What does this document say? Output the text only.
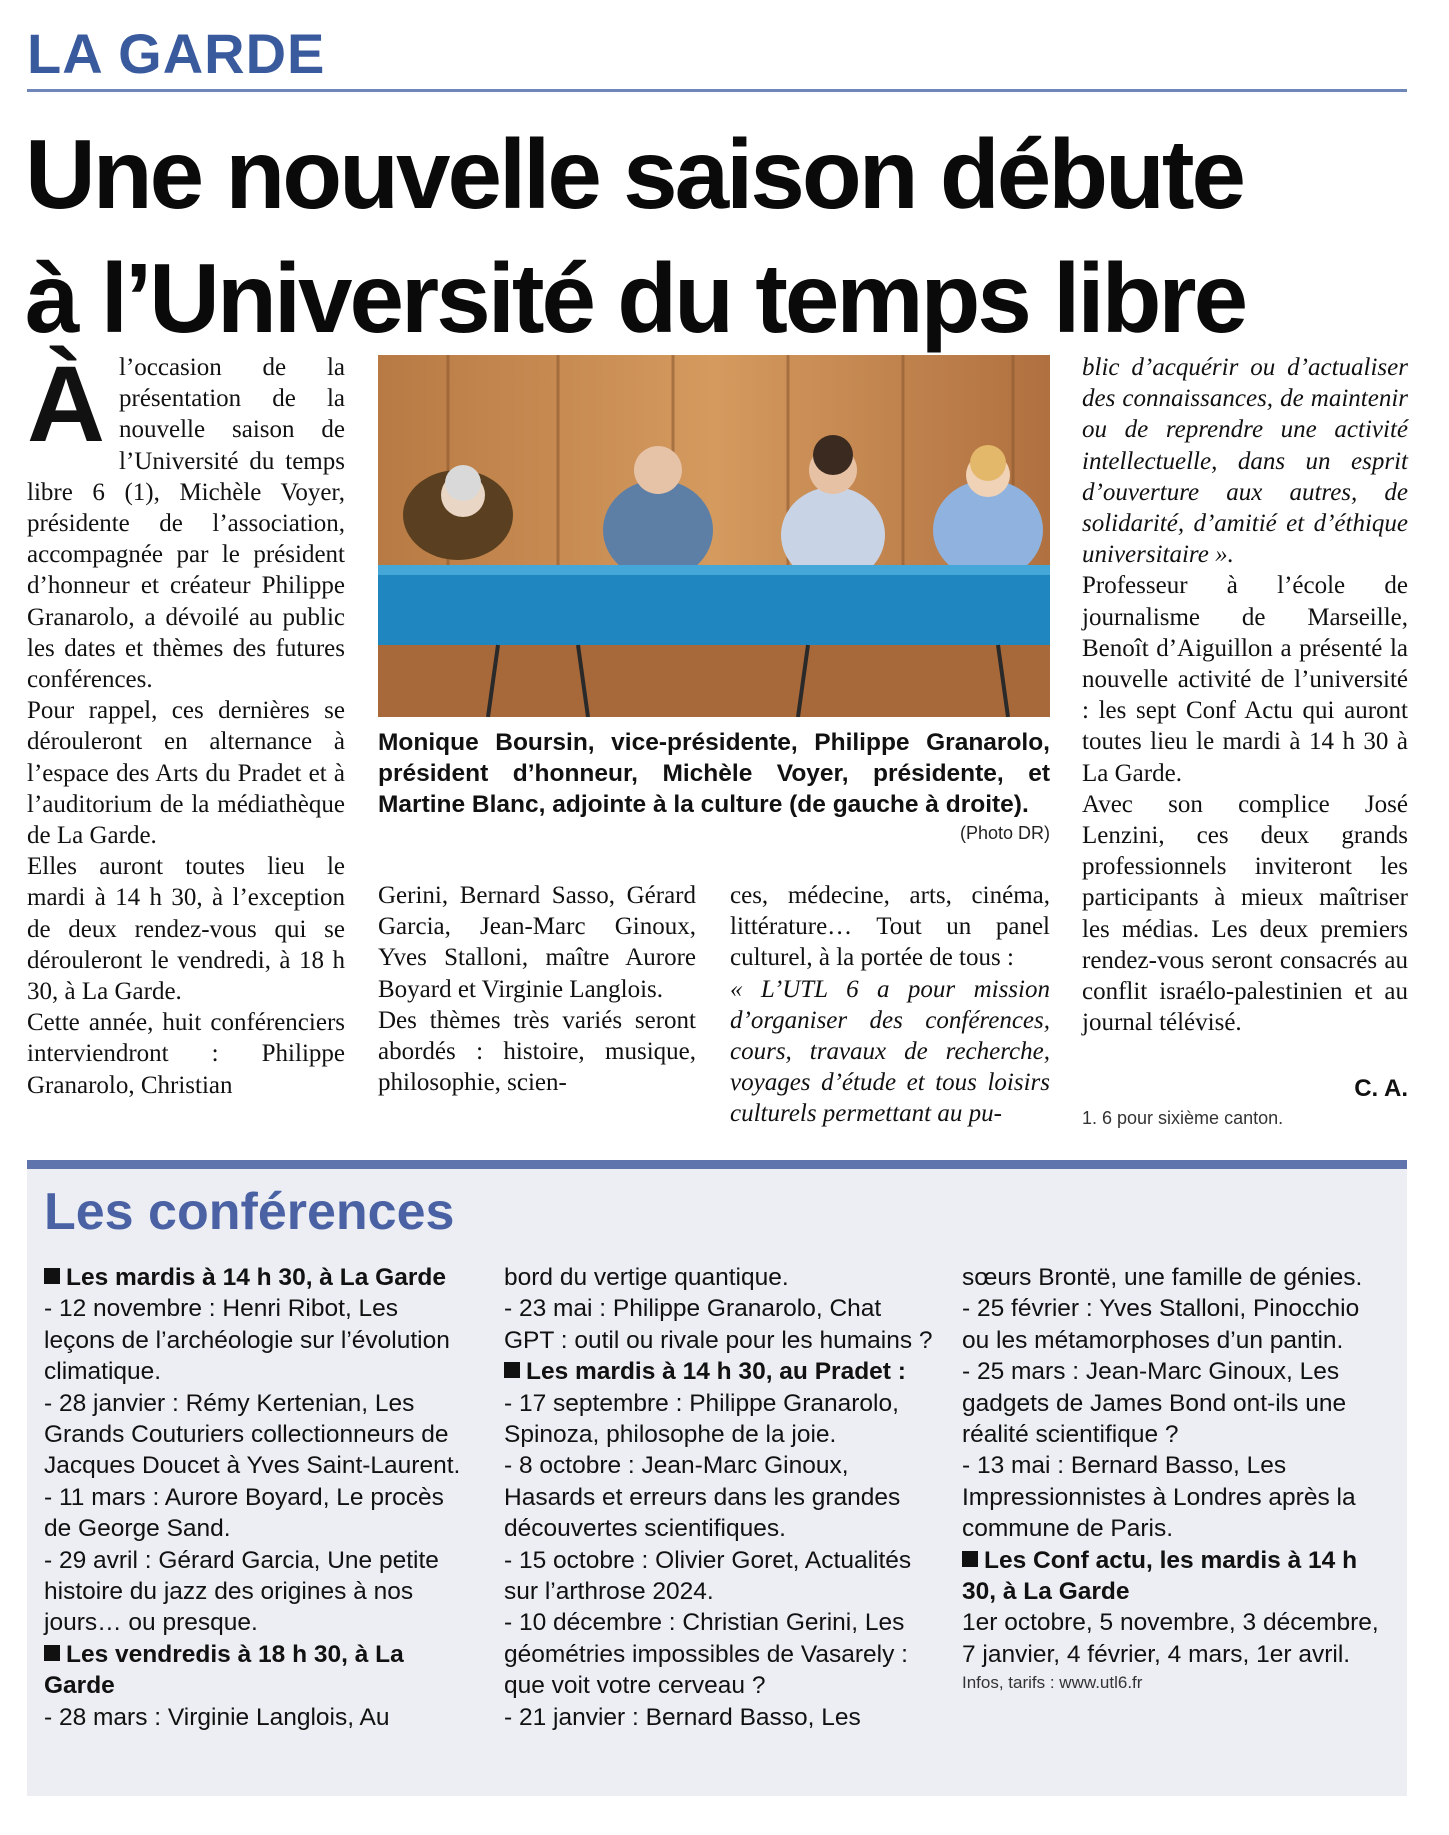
LA GARDE
Une nouvelle saison débute
à l’Université du temps libre
À l’occasion de la présentation de la nouvelle saison de l’Université du temps libre 6 (1), Michèle Voyer, présidente de l’association, accompagnée par le président d’honneur et créateur Philippe Granarolo, a dévoilé au public les dates et thèmes des futures conférences.

Pour rappel, ces dernières se dérouleront en alternance à l’espace des Arts du Pradet et à l’auditorium de la médiathèque de La Garde.

Elles auront toutes lieu le mardi à 14 h 30, à l’exception de deux rendez-vous qui se dérouleront le vendredi, à 18 h 30, à La Garde.

Cette année, huit conférenciers interviendront : Philippe Granarolo, Christian

Monique Boursin, vice-présidente, Philippe Granarolo, président d’honneur, Michèle Voyer, présidente, et Martine Blanc, adjointe à la culture (de gauche à droite).
(Photo DR)

Gerini, Bernard Sasso, Gérard Garcia, Jean-Marc Ginoux, Yves Stalloni, maître Aurore Boyard et Virginie Langlois.

Des thèmes très variés seront abordés : histoire, musique, philosophie, scien-

ces, médecine, arts, cinéma, littérature… Tout un panel culturel, à la portée de tous :

« L’UTL 6 a pour mission d’organiser des conférences, cours, travaux de recherche, voyages d’étude et tous loisirs culturels permettant au pu-

blic d’acquérir ou d’actualiser des connaissances, de maintenir ou de reprendre une activité intellectuelle, dans un esprit d’ouverture aux autres, de solidarité, d’amitié et d’éthique universitaire ».

Professeur à l’école de journalisme de Marseille, Benoît d’Aiguillon a présenté la nouvelle activité de l’université : les sept Conf Actu qui auront toutes lieu le mardi à 14 h 30 à La Garde.

Avec son complice José Lenzini, ces deux grands professionnels inviteront les participants à mieux maîtriser les médias. Les deux premiers rendez-vous seront consacrés au conflit israélo-palestinien et au journal télévisé.

C. A.
1. 6 pour sixième canton.
Les conférences

Les mardis à 14 h 30, à La Garde

- 12 novembre : Henri Ribot, Les leçons de l’archéologie sur l’évolution climatique.

- 28 janvier : Rémy Kertenian, Les Grands Couturiers collectionneurs de Jacques Doucet à Yves Saint-Laurent.

- 11 mars : Aurore Boyard, Le procès de George Sand.

- 29 avril : Gérard Garcia, Une petite histoire du jazz des origines à nos jours… ou presque.

Les vendredis à 18 h 30, à La Garde

- 28 mars : Virginie Langlois, Au

bord du vertige quantique.

- 23 mai : Philippe Granarolo, Chat GPT : outil ou rivale pour les humains ?

Les mardis à 14 h 30, au Pradet :

- 17 septembre : Philippe Granarolo, Spinoza, philosophe de la joie.

- 8 octobre : Jean-Marc Ginoux, Hasards et erreurs dans les grandes découvertes scientifiques.

- 15 octobre : Olivier Goret, Actualités sur l’arthrose 2024.

- 10 décembre : Christian Gerini, Les géométries impossibles de Vasarely : que voit votre cerveau ?

- 21 janvier : Bernard Basso, Les

sœurs Brontë, une famille de génies.

- 25 février : Yves Stalloni, Pinocchio ou les métamorphoses d’un pantin.

- 25 mars : Jean-Marc Ginoux, Les gadgets de James Bond ont-ils une réalité scientifique ?

- 13 mai : Bernard Basso, Les Impressionnistes à Londres après la commune de Paris.

Les Conf actu, les mardis à 14 h 30, à La Garde

1er octobre, 5 novembre, 3 décembre, 7 janvier, 4 février, 4 mars, 1er avril.

Infos, tarifs : www.utl6.fr
